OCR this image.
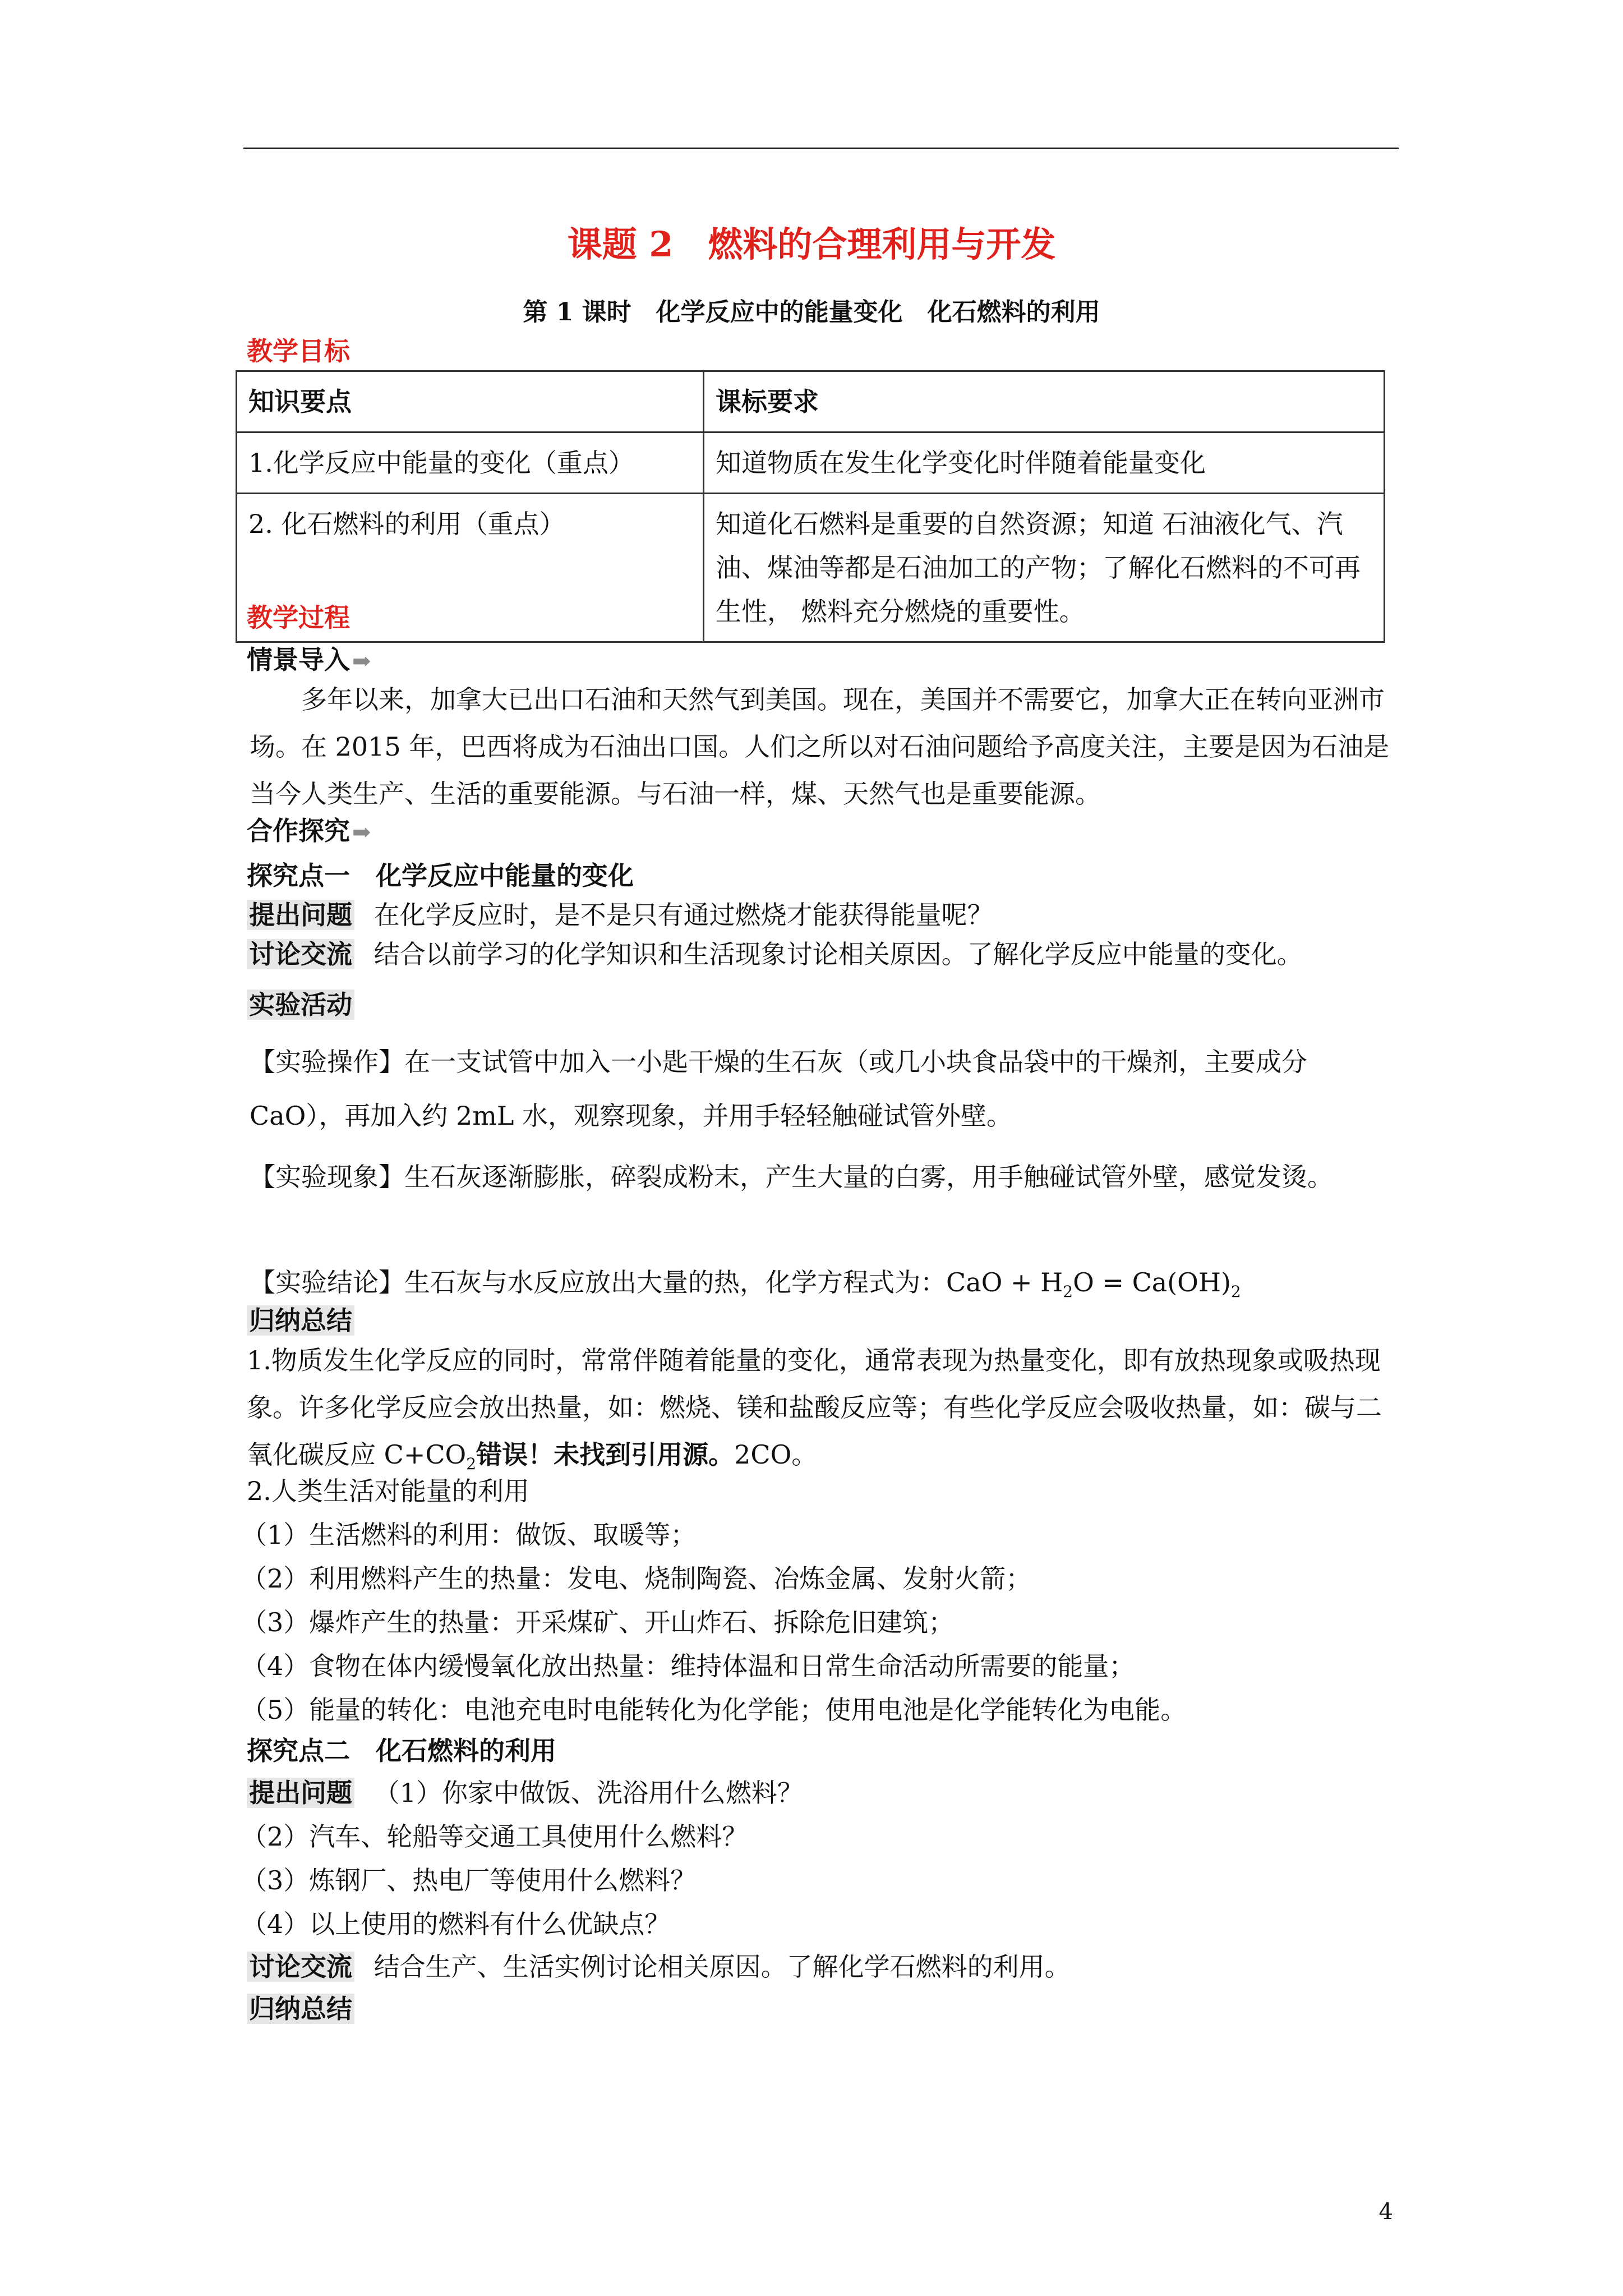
课题 2　燃料的合理利用与开发
第 1 课时　化学反应中的能量变化　化石燃料的利用
教学目标
知识要点	课标要求
1.化学反应中能量的变化（重点）	知道物质在发生化学变化时伴随着能量变化
2. 化石燃料的利用（重点）	知道化石燃料是重要的自然资源；知道 石油液化气、汽油、煤油等都是石油加工的产物；了解化石燃料的不可再生性， 燃料充分燃烧的重要性。
教学过程
情景导入 ➡
多年以来，加拿大已出口石油和天然气到美国。现在，美国并不需要它，加拿大正在转向亚洲市场。在 2015 年，巴西将成为石油出口国。人们之所以对石油问题给予高度关注，主要是因为石油是当今人类生产、生活的重要能源。与石油一样，煤、天然气也是重要能源。
合作探究 ➡
探究点一　化学反应中能量的变化
提出问题 在化学反应时，是不是只有通过燃烧才能获得能量呢？
讨论交流 结合以前学习的化学知识和生活现象讨论相关原因。了解化学反应中能量的变化。
实验活动
【实验操作】在一支试管中加入一小匙干燥的生石灰（或几小块食品袋中的干燥剂，主要成分 CaO），再加入约 2mL 水，观察现象，并用手轻轻触碰试管外壁。
【实验现象】生石灰逐渐膨胀，碎裂成粉末，产生大量的白雾，用手触碰试管外壁，感觉发烫。
【实验结论】生石灰与水反应放出大量的热，化学方程式为：CaO + $H_2O = Ca(OH)_2$
归纳总结
1.物质发生化学反应的同时，常常伴随着能量的变化，通常表现为热量变化，即有放热现象或吸热现象。许多化学反应会放出热量，如：燃烧、镁和盐酸反应等；有些化学反应会吸收热量，如：碳与二氧化碳反应 $C+CO_2$错误！未找到引用源。2CO。
2.人类生活对能量的利用
（1）生活燃料的利用：做饭、取暖等；
（2）利用燃料产生的热量：发电、烧制陶瓷、冶炼金属、发射火箭；
（3）爆炸产生的热量：开采煤矿、开山炸石、拆除危旧建筑；
（4）食物在体内缓慢氧化放出热量：维持体温和日常生命活动所需要的能量；
（5）能量的转化：电池充电时电能转化为化学能；使用电池是化学能转化为电能。
探究点二　化石燃料的利用
提出问题 （1）你家中做饭、洗浴用什么燃料？
（2）汽车、轮船等交通工具使用什么燃料？
（3）炼钢厂、热电厂等使用什么燃料？
（4）以上使用的燃料有什么优缺点？
讨论交流 结合生产、生活实例讨论相关原因。了解化学石燃料的利用。
归纳总结
4
